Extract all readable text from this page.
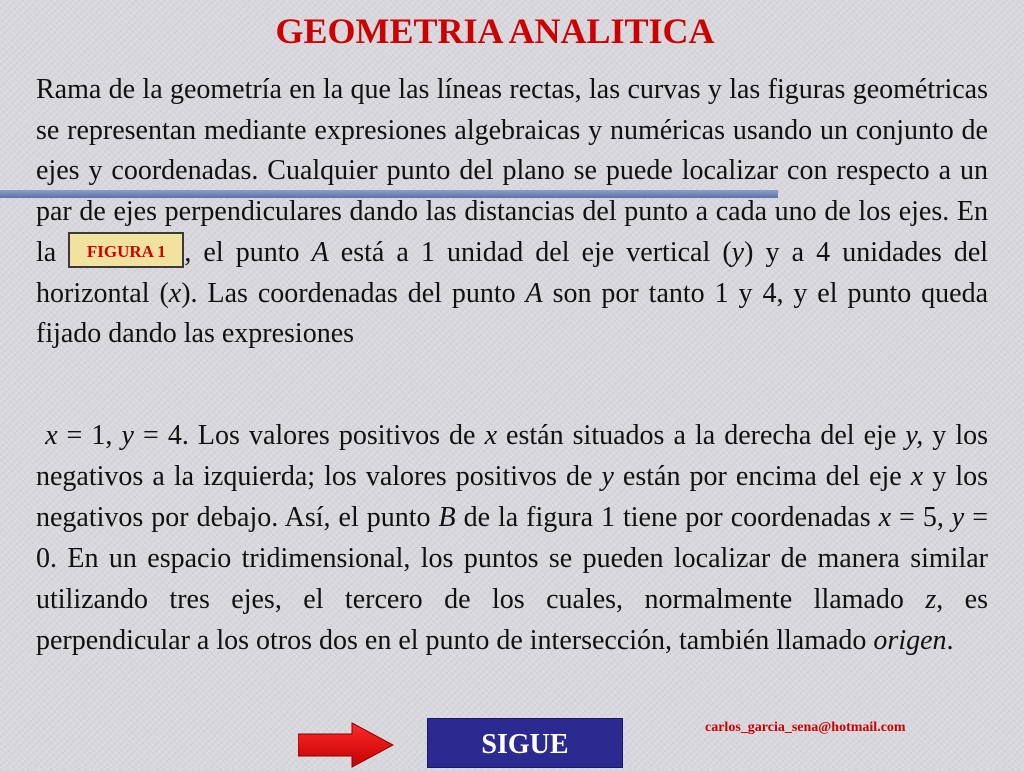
GEOMETRIA ANALITICA

Rama de la geometría en la que las líneas rectas, las curvas y las figuras geométricas se representan mediante expresiones algebraicas y numéricas usando un conjunto de ejes y coordenadas. Cualquier punto del plano se puede localizar con respecto a un par de ejes perpendiculares dando las distancias del punto a cada uno de los ejes. En la FIGURA 1 , el punto A está a 1 unidad del eje vertical (y) y a 4 unidades del horizontal (x). Las coordenadas del punto A son por tanto 1 y 4, y el punto queda fijado dando las expresiones

x = 1, y = 4. Los valores positivos de x están situados a la derecha del eje y, y los negativos a la izquierda; los valores positivos de y están por encima del eje x y los negativos por debajo. Así, el punto B de la figura 1 tiene por coordenadas x = 5, y = 0. En un espacio tridimensional, los puntos se pueden localizar de manera similar utilizando tres ejes, el tercero de los cuales, normalmente llamado z, es perpendicular a los otros dos en el punto de intersección, también llamado origen.

SIGUE
carlos_garcia_sena@hotmail.com
